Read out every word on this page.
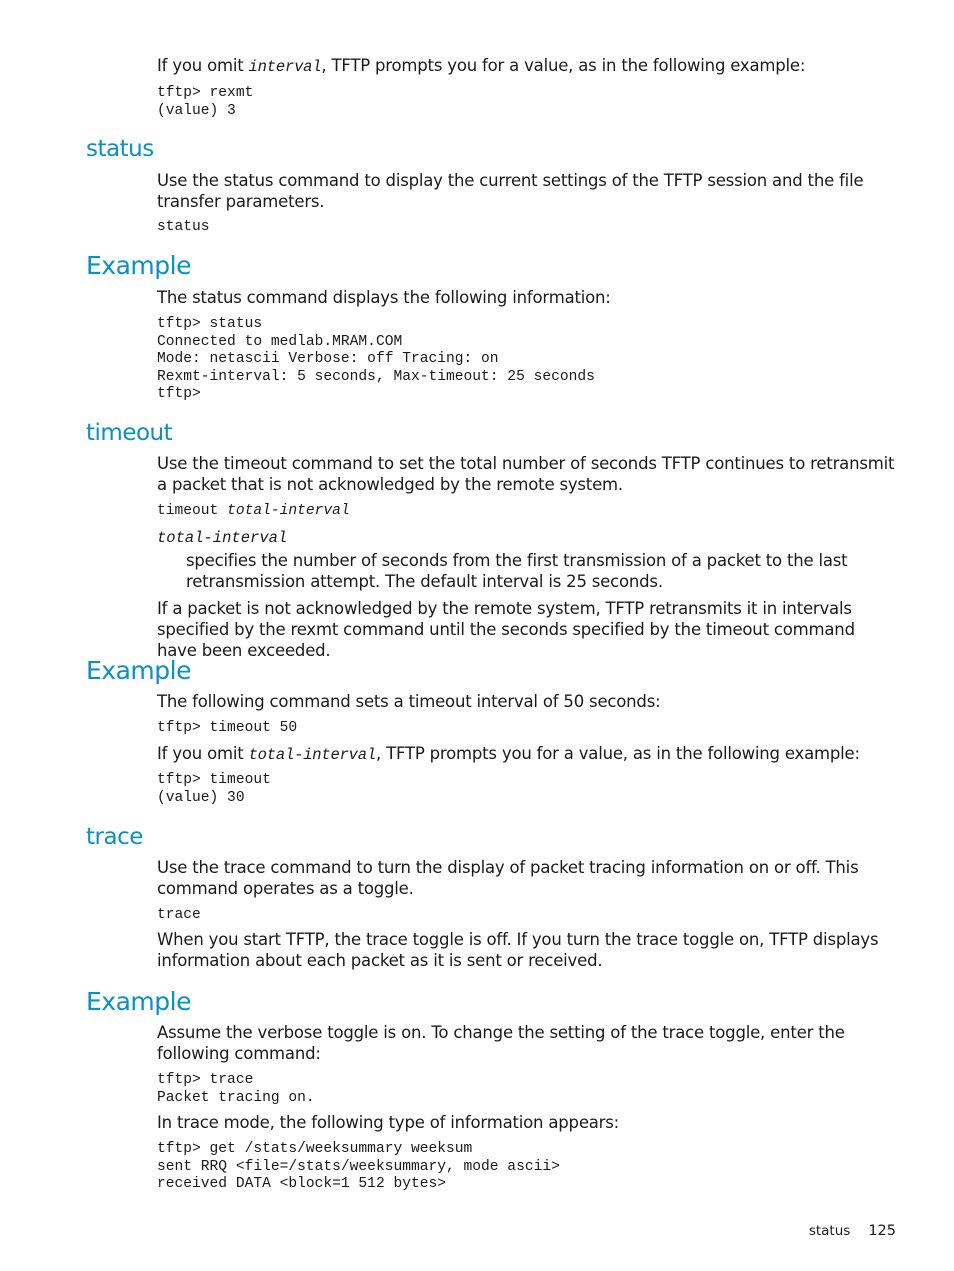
If you omit interval, TFTP prompts you for a value, as in the following example:

tftp> rexmt
(value) 3
status

Use the status command to display the current settings of the TFTP session and the file transfer parameters.

status
Example

The status command displays the following information:

tftp> status
Connected to medlab.MRAM.COM
Mode: netascii Verbose: off Tracing: on
Rexmt-interval: 5 seconds, Max-timeout: 25 seconds
tftp>
timeout

Use the timeout command to set the total number of seconds TFTP continues to retransmit a packet that is not acknowledged by the remote system.

timeout total-interval

total-interval

specifies the number of seconds from the first transmission of a packet to the last retransmission attempt. The default interval is 25 seconds.

If a packet is not acknowledged by the remote system, TFTP retransmits it in intervals specified by the rexmt command until the seconds specified by the timeout command have been exceeded.

Example

The following command sets a timeout interval of 50 seconds:

tftp> timeout 50

If you omit total-interval, TFTP prompts you for a value, as in the following example:

tftp> timeout
(value) 30
trace

Use the trace command to turn the display of packet tracing information on or off. This command operates as a toggle.

trace

When you start TFTP, the trace toggle is off. If you turn the trace toggle on, TFTP displays information about each packet as it is sent or received.

Example

Assume the verbose toggle is on. To change the setting of the trace toggle, enter the following command:

tftp> trace
Packet tracing on.

In trace mode, the following type of information appears:

tftp> get /stats/weeksummary weeksum
sent RRQ <file=/stats/weeksummary, mode ascii>
received DATA <block=1 512 bytes>
status 125
